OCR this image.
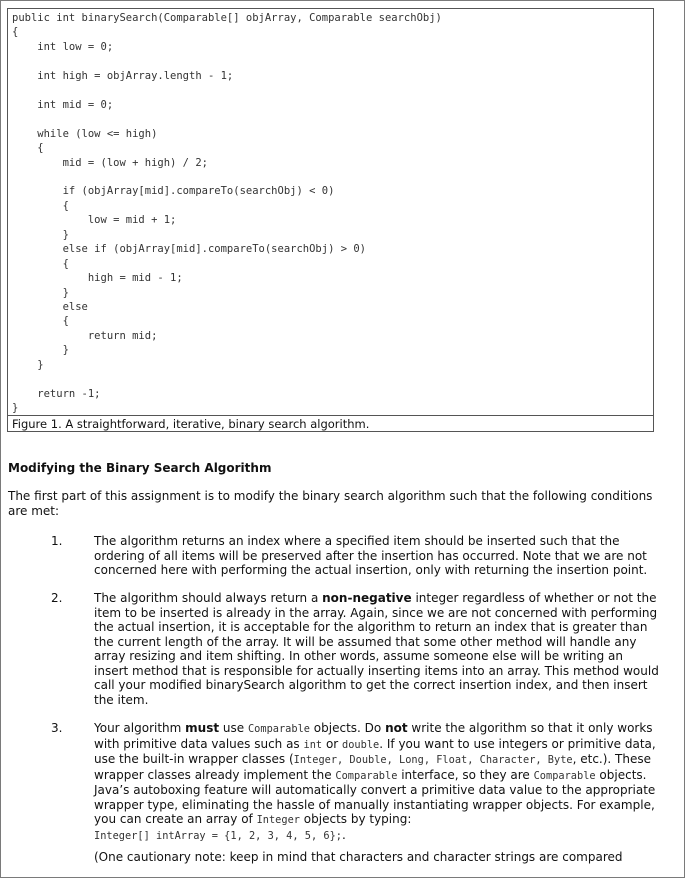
public int binarySearch(Comparable[] objArray, Comparable searchObj)
{
int low = 0;
int high = objArray.length - 1;
int mid = 0;
while (low <= high)
{
mid = (low + high) / 2;
if (objArray[mid].compareTo(searchObj) < 0)
{
low = mid + 1;
}
else if (objArray[mid].compareTo(searchObj) > 0)
{
high = mid - 1;
}
else
{
return mid;
}
}
return -1;
}
Figure 1. A straightforward, iterative, binary search algorithm.
Modifying the Binary Search Algorithm
The first part of this assignment is to modify the binary search algorithm such that the following conditions are met:
1.	The algorithm returns an index where a specified item should be inserted such that the ordering of all items will be preserved after the insertion has occurred. Note that we are not concerned here with performing the actual insertion, only with returning the insertion point.
2.	The algorithm should always return a non-negative integer regardless of whether or not the item to be inserted is already in the array. Again, since we are not concerned with performing the actual insertion, it is acceptable for the algorithm to return an index that is greater than the current length of the array. It will be assumed that some other method will handle any array resizing and item shifting. In other words, assume someone else will be writing an insert method that is responsible for actually inserting items into an array. This method would call your modified binarySearch algorithm to get the correct insertion index, and then insert the item.
3.	Your algorithm must use Comparable objects. Do not write the algorithm so that it only works with primitive data values such as int or double. If you want to use integers or primitive data, use the built-in wrapper classes (Integer, Double, Long, Float, Character, Byte, etc.). These wrapper classes already implement the Comparable interface, so they are Comparable objects. Java’s autoboxing feature will automatically convert a primitive data value to the appropriate wrapper type, eliminating the hassle of manually instantiating wrapper objects. For example, you can create an array of Integer objects by typing:
Integer[] intArray = {1, 2, 3, 4, 5, 6};.
(One cautionary note: keep in mind that characters and character strings are compared
